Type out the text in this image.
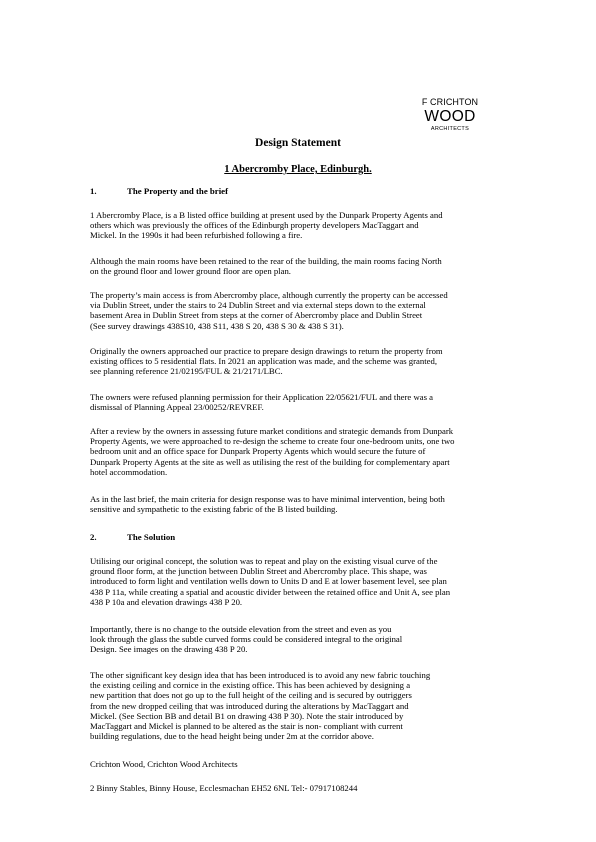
F CRICHTON
WOOD
ARCHITECTS
Design Statement
1 Abercromby Place, Edinburgh.
1.	The Property and the brief

1 Abercromby Place, is a B listed office building at present used by the Dunpark Property Agents and
others which was previously the offices of the Edinburgh property developers MacTaggart and
Mickel. In the 1990s it had been refurbished following a fire.

Although the main rooms have been retained to the rear of the building, the main rooms facing North
on the ground floor and lower ground floor are open plan.

The property’s main access is from Abercromby place, although currently the property can be accessed
via Dublin Street, under the stairs to 24 Dublin Street and via external steps down to the external
basement Area in Dublin Street from steps at the corner of Abercromby place and Dublin Street
(See survey drawings 438S10, 438 S11, 438 S 20, 438 S 30 & 438 S 31).

Originally the owners approached our practice to prepare design drawings to return the property from
existing offices to 5 residential flats. In 2021 an application was made, and the scheme was granted,
see planning reference 21/02195/FUL & 21/2171/LBC.

The owners were refused planning permission for their Application 22/05621/FUL and there was a
dismissal of Planning Appeal 23/00252/REVREF.

After a review by the owners in assessing future market conditions and strategic demands from Dunpark
Property Agents, we were approached to re-design the scheme to create four one-bedroom units, one two
bedroom unit and an office space for Dunpark Property Agents which would secure the future of
Dunpark Property Agents at the site as well as utilising the rest of the building for complementary apart
hotel accommodation.

As in the last brief, the main criteria for design response was to have minimal intervention, being both
sensitive and sympathetic to the existing fabric of the B listed building.

2.	The Solution

Utilising our original concept, the solution was to repeat and play on the existing visual curve of the
ground floor form, at the junction between Dublin Street and Abercromby place. This shape, was
introduced to form light and ventilation wells down to Units D and E at lower basement level, see plan
438 P 11a, while creating a spatial and acoustic divider between the retained office and Unit A, see plan
438 P 10a and elevation drawings 438 P 20.

Importantly, there is no change to the outside elevation from the street and even as you
look through the glass the subtle curved forms could be considered integral to the original
Design. See images on the drawing 438 P 20.

The other significant key design idea that has been introduced is to avoid any new fabric touching
the existing ceiling and cornice in the existing office. This has been achieved by designing a
new partition that does not go up to the full height of the ceiling and is secured by outriggers
from the new dropped ceiling that was introduced during the alterations by MacTaggart and
Mickel. (See Section BB and detail B1 on drawing 438 P 30). Note the stair introduced by
MacTaggart and Mickel is planned to be altered as the stair is non- compliant with current
building regulations, due to the head height being under 2m at the corridor above.

Crichton Wood, Crichton Wood Architects

2 Binny Stables, Binny House, Ecclesmachan EH52 6NL Tel:- 07917108244
